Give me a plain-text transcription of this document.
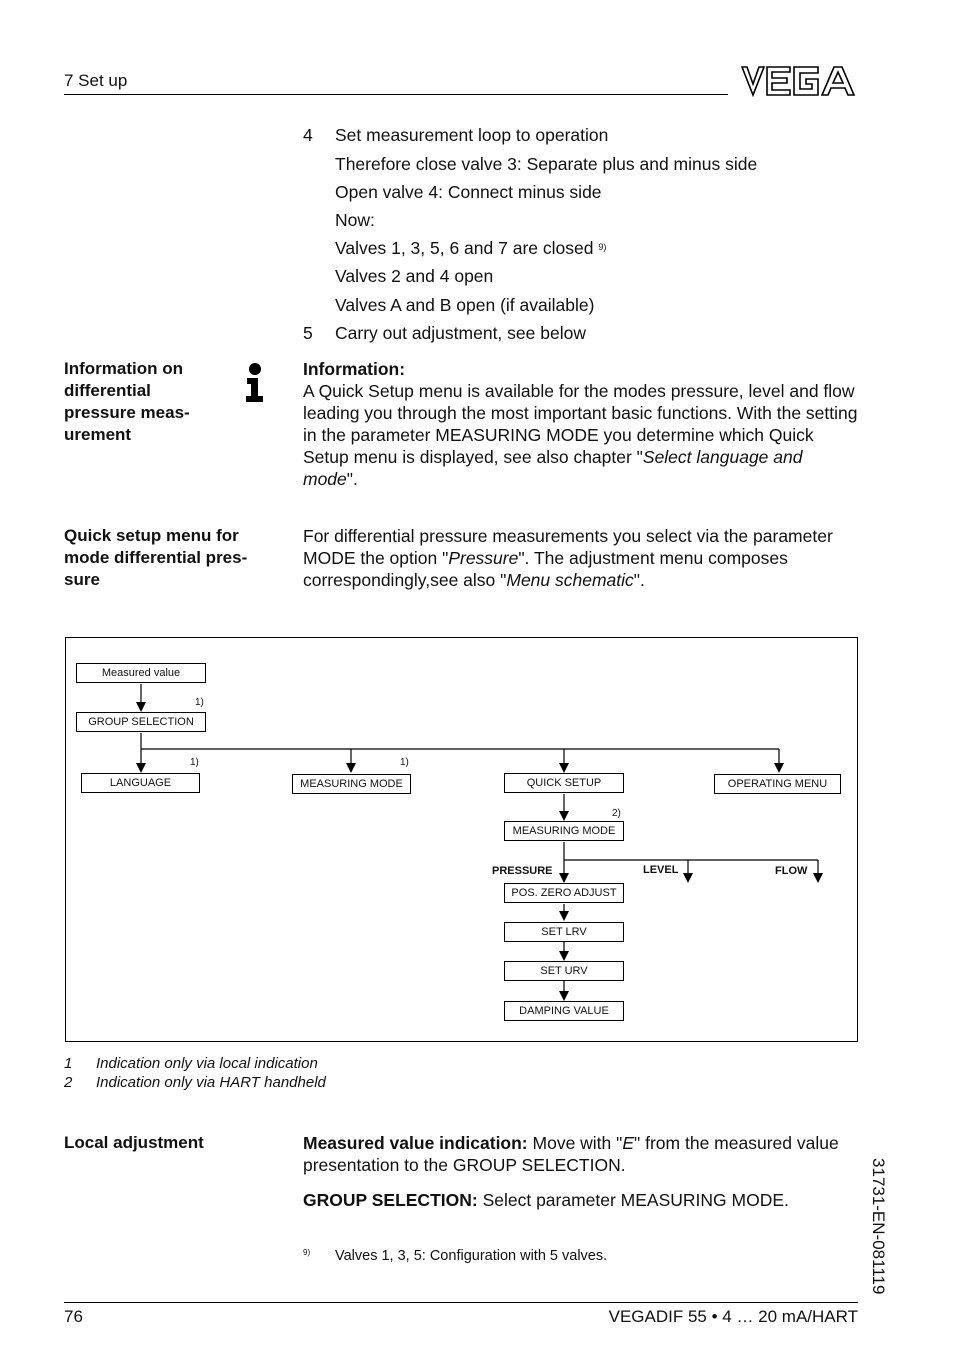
7 Set up
4 Set measurement loop to operation
Therefore close valve 3: Separate plus and minus side
Open valve 4: Connect minus side
Now:
Valves 1, 3, 5, 6 and 7 are closed $^{9)}$
Valves 2 and 4 open
Valves A and B open (if available)
5 Carry out adjustment, see below
Information on differential pressure meas-urement
Information:
A Quick Setup menu is available for the modes pressure, level and flow leading you through the most important basic functions. With the setting in the parameter MEASURING MODE you determine which Quick Setup menu is displayed, see also chapter "Select language and mode".
Quick setup menu for mode differential pres-sure
For differential pressure measurements you select via the parameter MODE the option "Pressure". The adjustment menu composes correspondingly,see also "Menu schematic".
Measured value
1)
GROUP SELECTION
1)
LANGUAGE
1)
MEASURING MODE	QUICK SETUP	OPERATING MENU
2)
MEASURING MODE
PRESSURE	LEVEL	FLOW
POS. ZERO ADJUST
SET LRV
SET URV
DAMPING VALUE
1 Indication only via local indication
2 Indication only via HART handheld
Local adjustment	Measured value indication: Move with "E" from the measured value presentation to the GROUP SELECTION.
GROUP SELECTION: Select parameter MEASURING MODE.
$^{9)}$ Valves 1, 3, 5: Configuration with 5 valves.	31731-EN-081119
76	VEGADIF 55 • 4 … 20 mA/HART
